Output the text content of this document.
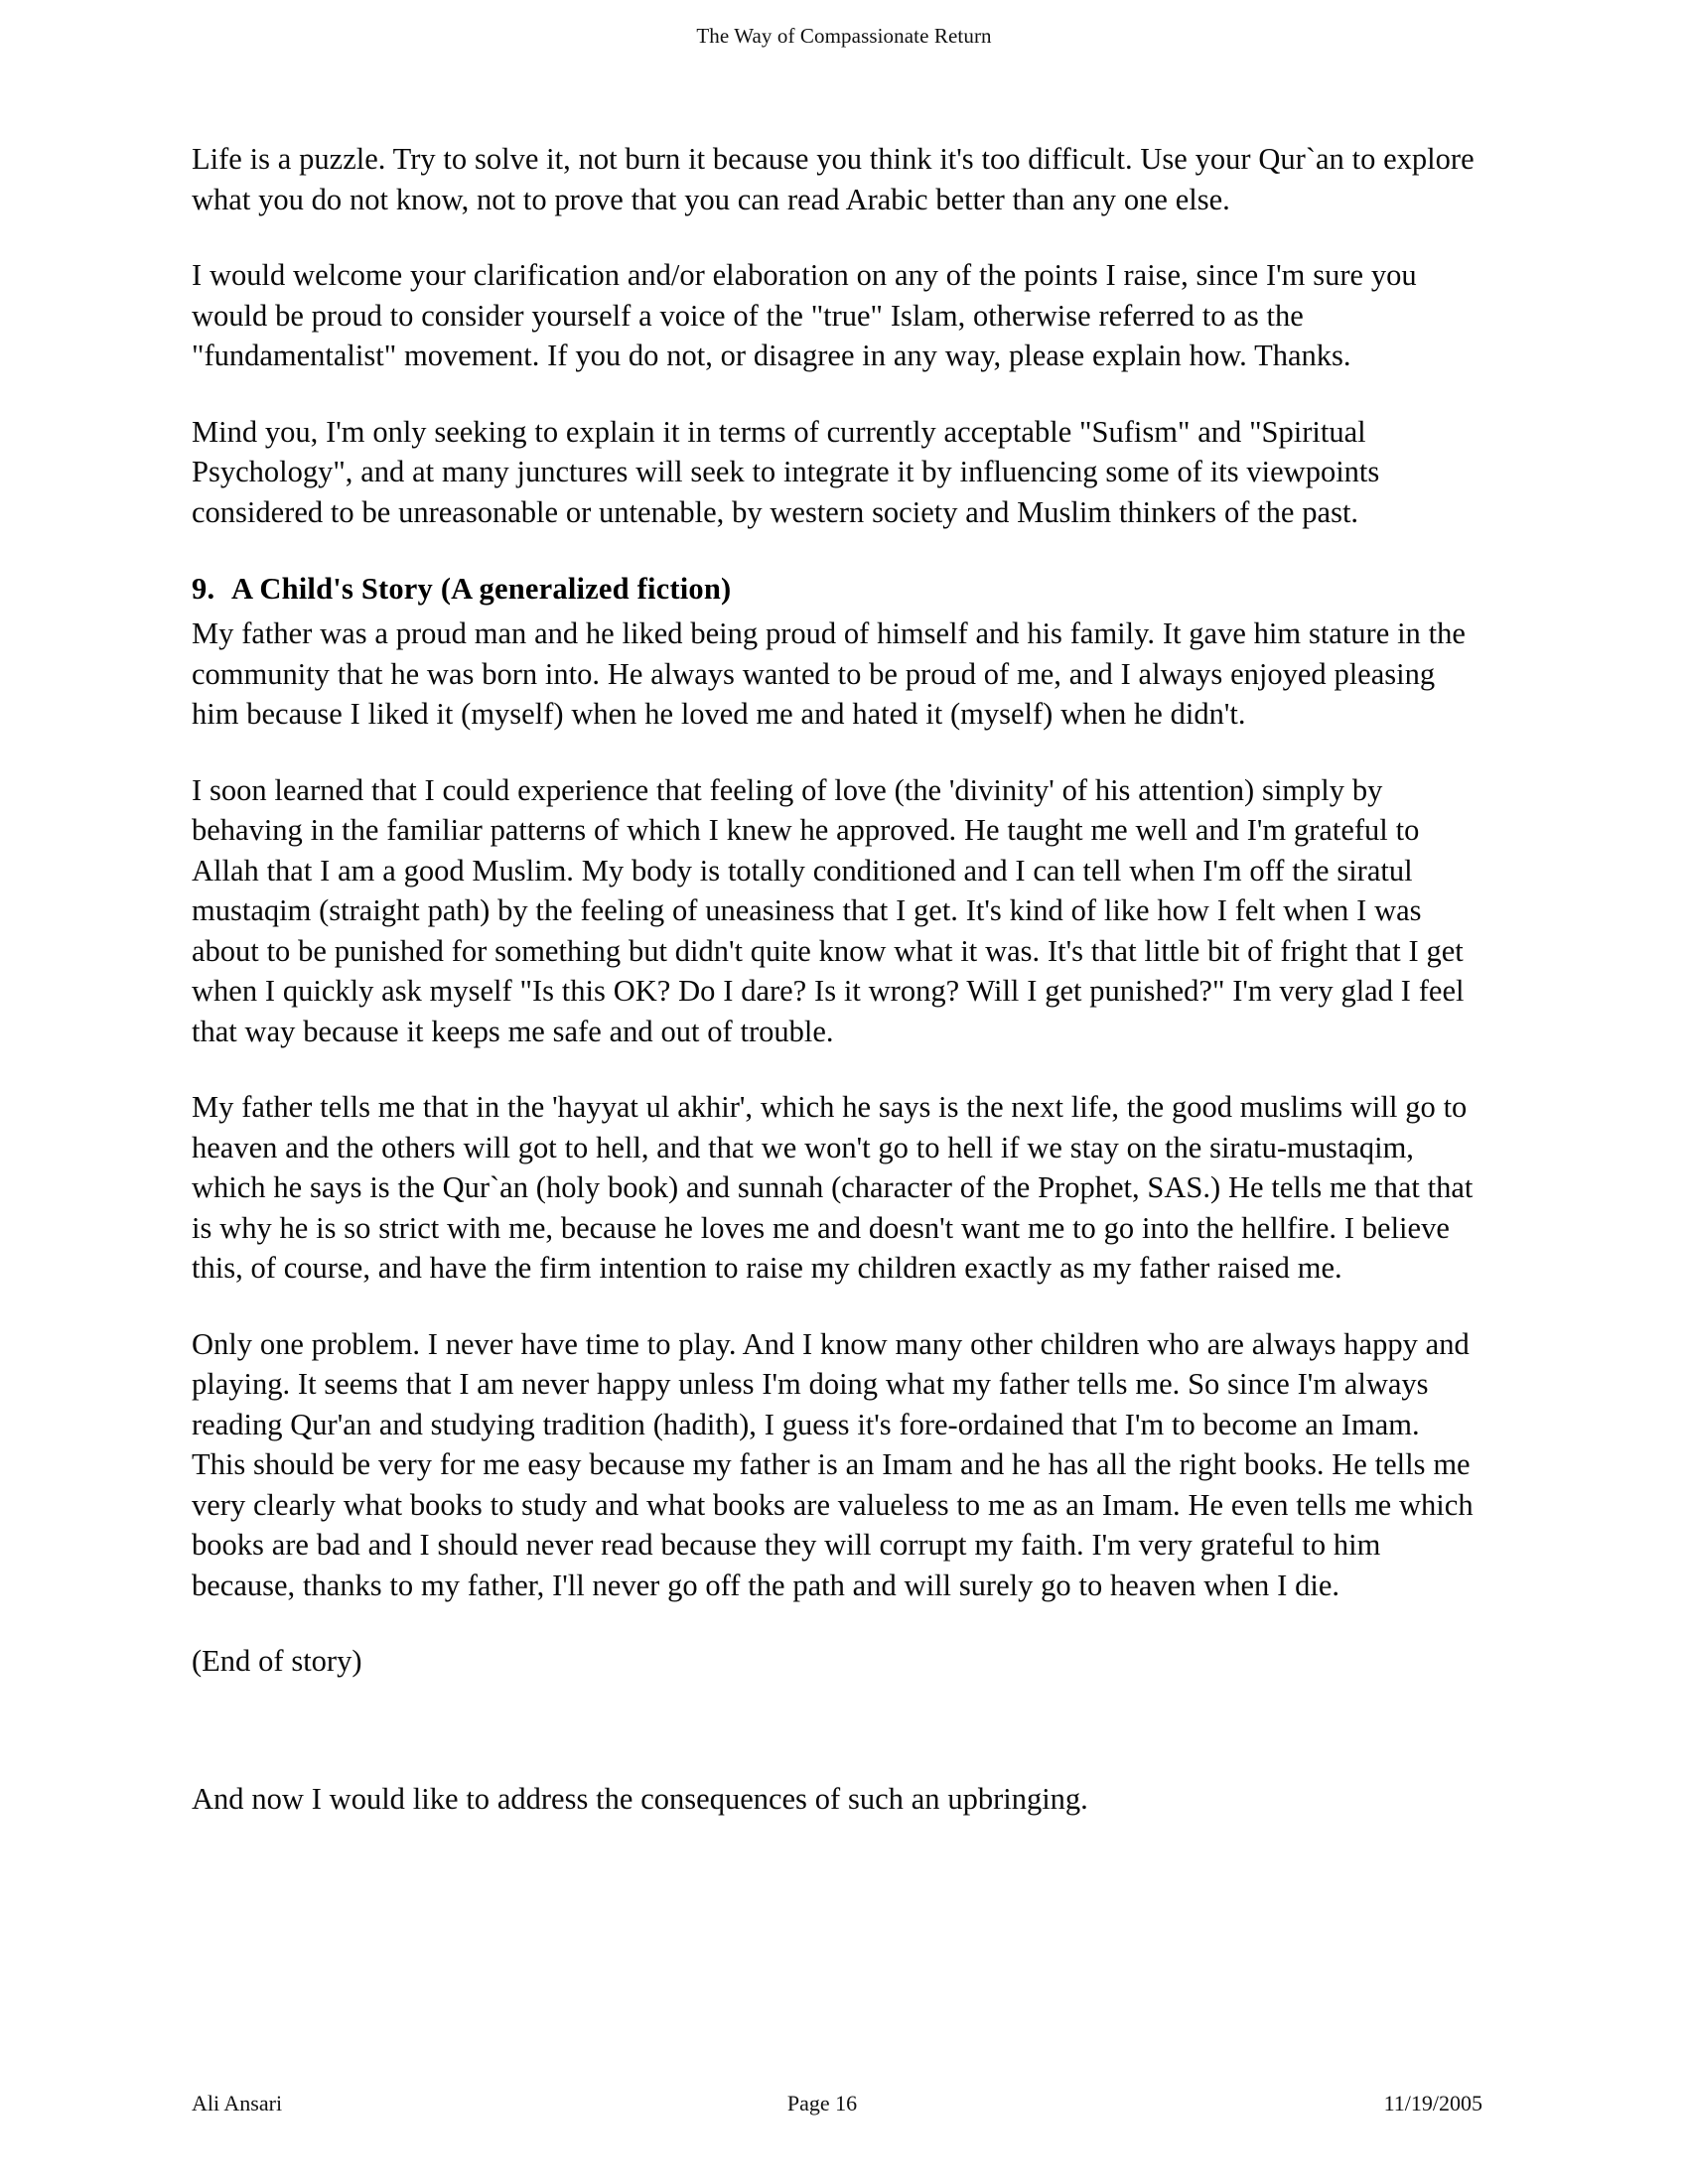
The Way of Compassionate Return

Life is a puzzle. Try to solve it, not burn it because you think it's too difficult. Use your Qur`an to explore what you do not know, not to prove that you can read Arabic better than any one else.

I would welcome your clarification and/or elaboration on any of the points I raise, since I'm sure you would be proud to consider yourself a voice of the "true" Islam, otherwise referred to as the "fundamentalist" movement. If you do not, or disagree in any way, please explain how. Thanks.

Mind you, I'm only seeking to explain it in terms of currently acceptable "Sufism" and "Spiritual Psychology", and at many junctures will seek to integrate it by influencing some of its viewpoints considered to be unreasonable or untenable, by western society and Muslim thinkers of the past.

9. A Child's Story (A generalized fiction)

My father was a proud man and he liked being proud of himself and his family. It gave him stature in the community that he was born into. He always wanted to be proud of me, and I always enjoyed pleasing him because I liked it (myself) when he loved me and hated it (myself) when he didn't.

I soon learned that I could experience that feeling of love (the 'divinity' of his attention) simply by behaving in the familiar patterns of which I knew he approved. He taught me well and I'm grateful to Allah that I am a good Muslim. My body is totally conditioned and I can tell when I'm off the siratul mustaqim (straight path) by the feeling of uneasiness that I get. It's kind of like how I felt when I was about to be punished for something but didn't quite know what it was. It's that little bit of fright that I get when I quickly ask myself "Is this OK? Do I dare? Is it wrong? Will I get punished?" I'm very glad I feel that way because it keeps me safe and out of trouble.

My father tells me that in the 'hayyat ul akhir', which he says is the next life, the good muslims will go to heaven and the others will got to hell, and that we won't go to hell if we stay on the siratu-mustaqim, which he says is the Qur`an (holy book) and sunnah (character of the Prophet, SAS.) He tells me that that is why he is so strict with me, because he loves me and doesn't want me to go into the hellfire. I believe this, of course, and have the firm intention to raise my children exactly as my father raised me.

Only one problem. I never have time to play. And I know many other children who are always happy and playing. It seems that I am never happy unless I'm doing what my father tells me. So since I'm always reading Qur'an and studying tradition (hadith), I guess it's fore-ordained that I'm to become an Imam. This should be very for me easy because my father is an Imam and he has all the right books. He tells me very clearly what books to study and what books are valueless to me as an Imam. He even tells me which books are bad and I should never read because they will corrupt my faith. I'm very grateful to him because, thanks to my father, I'll never go off the path and will surely go to heaven when I die.

(End of story)

And now I would like to address the consequences of such an upbringing.

Ali Ansari	Page 16	11/19/2005
